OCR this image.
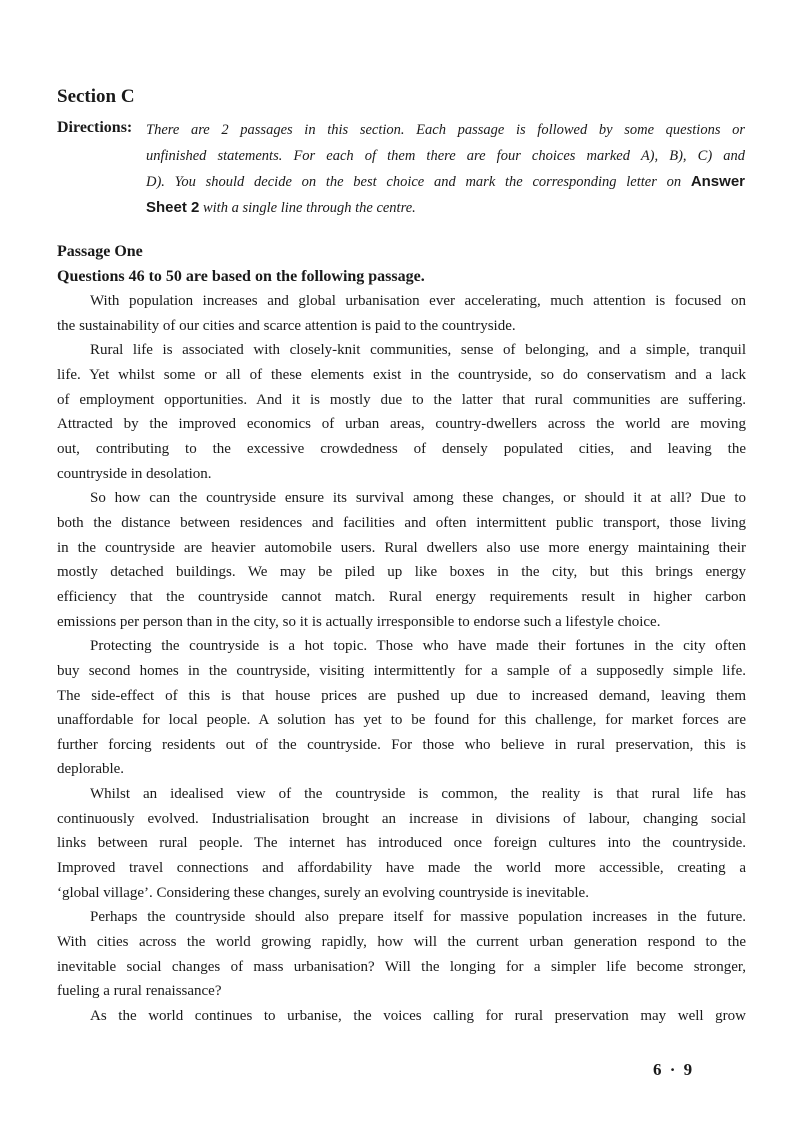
Section C
Directions: There are 2 passages in this section. Each passage is followed by some questions or
unfinished statements. For each of them there are four choices marked A), B), C) and
D). You should decide on the best choice and mark the corresponding letter on Answer
Sheet 2 with a single line through the centre.
Passage One
Questions 46 to 50 are based on the following passage.
With population increases and global urbanisation ever accelerating, much attention is focused on
the sustainability of our cities and scarce attention is paid to the countryside.
Rural life is associated with closely-knit communities, sense of belonging, and a simple, tranquil
life. Yet whilst some or all of these elements exist in the countryside, so do conservatism and a lack
of employment opportunities. And it is mostly due to the latter that rural communities are suffering.
Attracted by the improved economics of urban areas, country-dwellers across the world are moving
out, contributing to the excessive crowdedness of densely populated cities, and leaving the
countryside in desolation.
So how can the countryside ensure its survival among these changes, or should it at all? Due to
both the distance between residences and facilities and often intermittent public transport, those living
in the countryside are heavier automobile users. Rural dwellers also use more energy maintaining their
mostly detached buildings. We may be piled up like boxes in the city, but this brings energy
efficiency that the countryside cannot match. Rural energy requirements result in higher carbon
emissions per person than in the city, so it is actually irresponsible to endorse such a lifestyle choice.
Protecting the countryside is a hot topic. Those who have made their fortunes in the city often
buy second homes in the countryside, visiting intermittently for a sample of a supposedly simple life.
The side-effect of this is that house prices are pushed up due to increased demand, leaving them
unaffordable for local people. A solution has yet to be found for this challenge, for market forces are
further forcing residents out of the countryside. For those who believe in rural preservation, this is
deplorable.
Whilst an idealised view of the countryside is common, the reality is that rural life has
continuously evolved. Industrialisation brought an increase in divisions of labour, changing social
links between rural people. The internet has introduced once foreign cultures into the countryside.
Improved travel connections and affordability have made the world more accessible, creating a
‘global village’. Considering these changes, surely an evolving countryside is inevitable.
Perhaps the countryside should also prepare itself for massive population increases in the future.
With cities across the world growing rapidly, how will the current urban generation respond to the
inevitable social changes of mass urbanisation? Will the longing for a simpler life become stronger,
fueling a rural renaissance?
As the world continues to urbanise, the voices calling for rural preservation may well grow
6 · 9
